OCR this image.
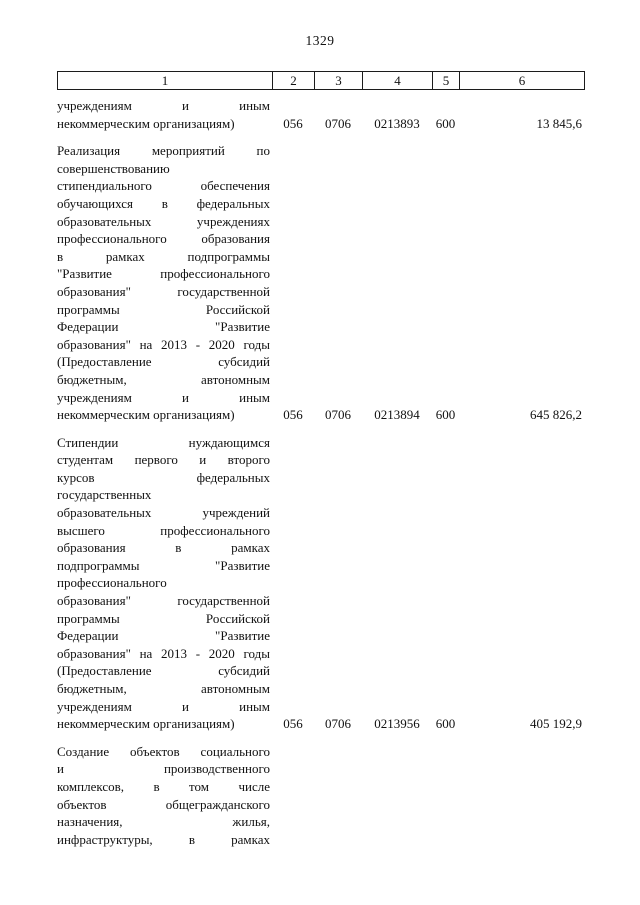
1329
1	2	3	4	5	6
учреждениям и иным
некоммерческим организациям)	056	0706	0213893	600	13 845,6
Реализация мероприятий по
совершенствованию
стипендиального обеспечения
обучающихся в федеральных
образовательных учреждениях
профессионального образования
в рамках подпрограммы
"Развитие профессионального
образования" государственной
программы Российской
Федерации "Развитие
образования" на 2013 - 2020 годы
(Предоставление субсидий
бюджетным, автономным
учреждениям и иным
некоммерческим организациям)	056	0706	0213894	600	645 826,2
Стипендии нуждающимся
студентам первого и второго
курсов федеральных
государственных
образовательных учреждений
высшего профессионального
образования в рамках
подпрограммы "Развитие
профессионального
образования" государственной
программы Российской
Федерации "Развитие
образования" на 2013 - 2020 годы
(Предоставление субсидий
бюджетным, автономным
учреждениям и иным
некоммерческим организациям)	056	0706	0213956	600	405 192,9
Создание объектов социального
и производственного
комплексов, в том числе
объектов общегражданского
назначения, жилья,
инфраструктуры, в рамках
